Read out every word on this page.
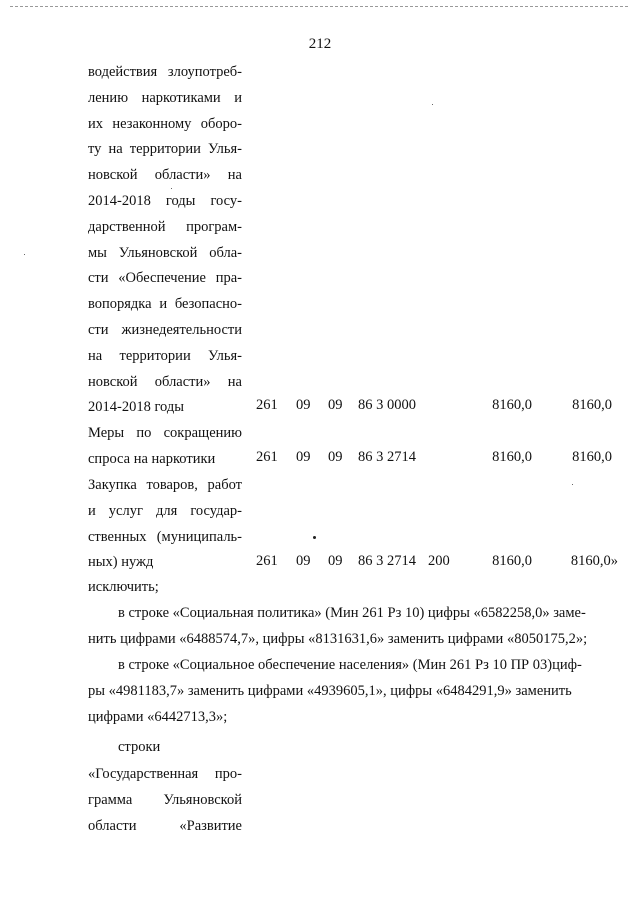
212
водействия злоупотреб-
лению наркотиками и
их незаконному оборо-
ту на территории Улья-
новской области» на
2014-2018 годы госу-
дарственной програм-
мы Ульяновской обла-
сти «Обеспечение пра-
вопорядка и безопасно-
сти жизнедеятельности
на территории Улья-
новской области» на
2014-2018 годы	261 09 09 86 3 0000	8160,0	8160,0
Меры по сокращению
спроса на наркотики	261 09 09 86 3 2714	8160,0	8160,0
Закупка товаров, работ
и услуг для государ-
ственных (муниципаль-
ных) нужд	261 09 09 86 3 2714 200	8160,0	8160,0»
исключить;
в строке «Социальная политика» (Мин 261 Рз 10) цифры «6582258,0» заме-
нить цифрами «6488574,7», цифры «8131631,6» заменить цифрами «8050175,2»;
в строке «Социальное обеспечение населения» (Мин 261 Рз 10 ПР 03)циф-
ры «4981183,7» заменить цифрами «4939605,1», цифры «6484291,9» заменить
цифрами «6442713,3»;
строки
«Государственная про-
грамма Ульяновской
области «Развитие
